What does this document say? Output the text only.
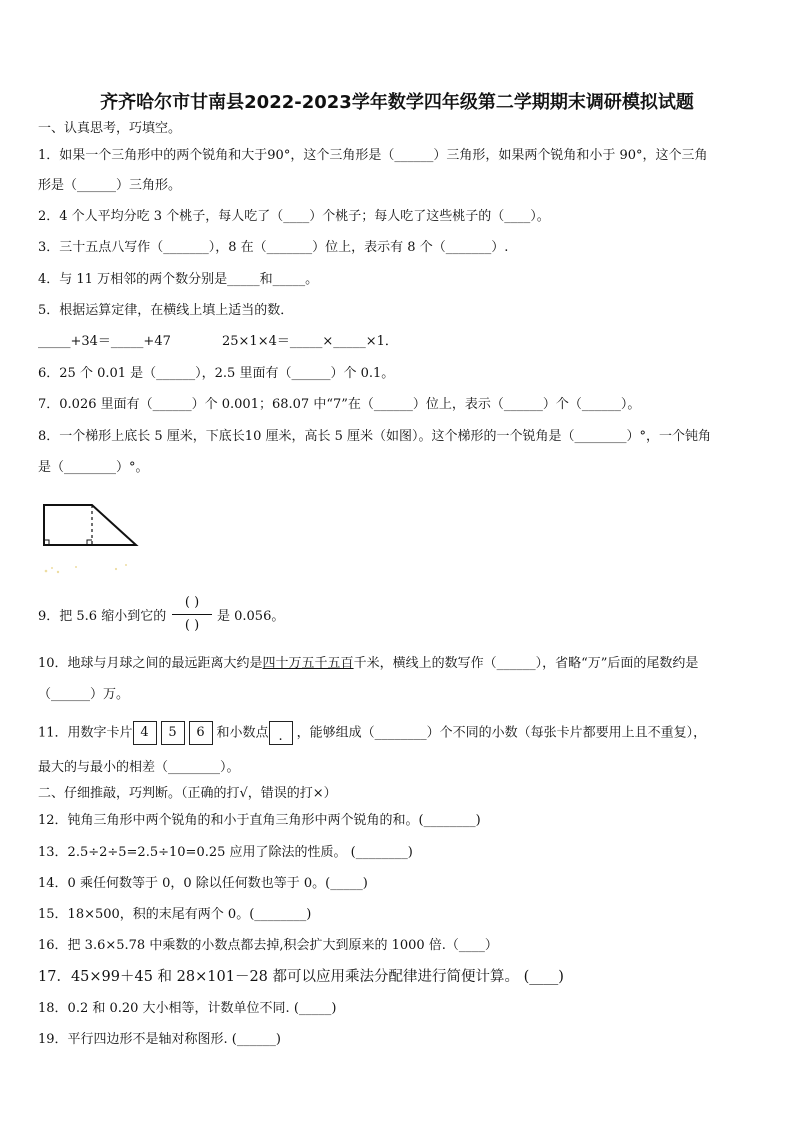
齐齐哈尔市甘南县2022-2023学年数学四年级第二学期期末调研模拟试题
一、认真思考，巧填空。
1．如果一个三角形中的两个锐角和大于90°，这个三角形是（______）三角形，如果两个锐角和小于 90°，这个三角
形是（______）三角形。
2．4 个人平均分吃 3 个桃子，每人吃了（____）个桃子；每人吃了这些桃子的（____）。
3．三十五点八写作（_______），8 在（_______）位上，表示有 8 个（_______）.
4．与 11 万相邻的两个数分别是_____和_____。
5．根据运算定律，在横线上填上适当的数．
_____+34＝_____+47	25×1×4＝_____×_____×1．
6．25 个 0.01 是（______），2.5 里面有（______）个 0.1。
7．0.026 里面有（______）个 0.001；68.07 中“7”在（______）位上，表示（______）个（______）。
8．一个梯形上底长 5 厘米，下底长10 厘米，高长 5 厘米（如图）。这个梯形的一个锐角是（________）°，一个钝角
是（________）°。
9．把 5.6 缩小到它的
( )
( )
是 0.056。
10．地球与月球之间的最远距离大约是四十万五千五百千米，横线上的数写作（______），省略“万”后面的尾数约是
（______）万。
11．用数字卡片 4 5 6 和小数点 . ，能够组成（________）个不同的小数（每张卡片都要用上且不重复），
最大的与最小的相差（________）。
二、仔细推敲，巧判断。（正确的打√，错误的打×）
12．钝角三角形中两个锐角的和小于直角三角形中两个锐角的和。(________)
13．2.5÷2÷5=2.5÷10=0.25 应用了除法的性质。 (________)
14．0 乘任何数等于 0，0 除以任何数也等于 0。(_____)
15．18×500，积的末尾有两个 0。(________)
16．把 3.6×5.78 中乘数的小数点都去掉,积会扩大到原来的 1000 倍.（____）
17．45×99＋45 和 28×101－28 都可以应用乘法分配律进行简便计算。 (____)
18．0.2 和 0.20 大小相等，计数单位不同. (_____)
19．平行四边形不是轴对称图形. (______)
